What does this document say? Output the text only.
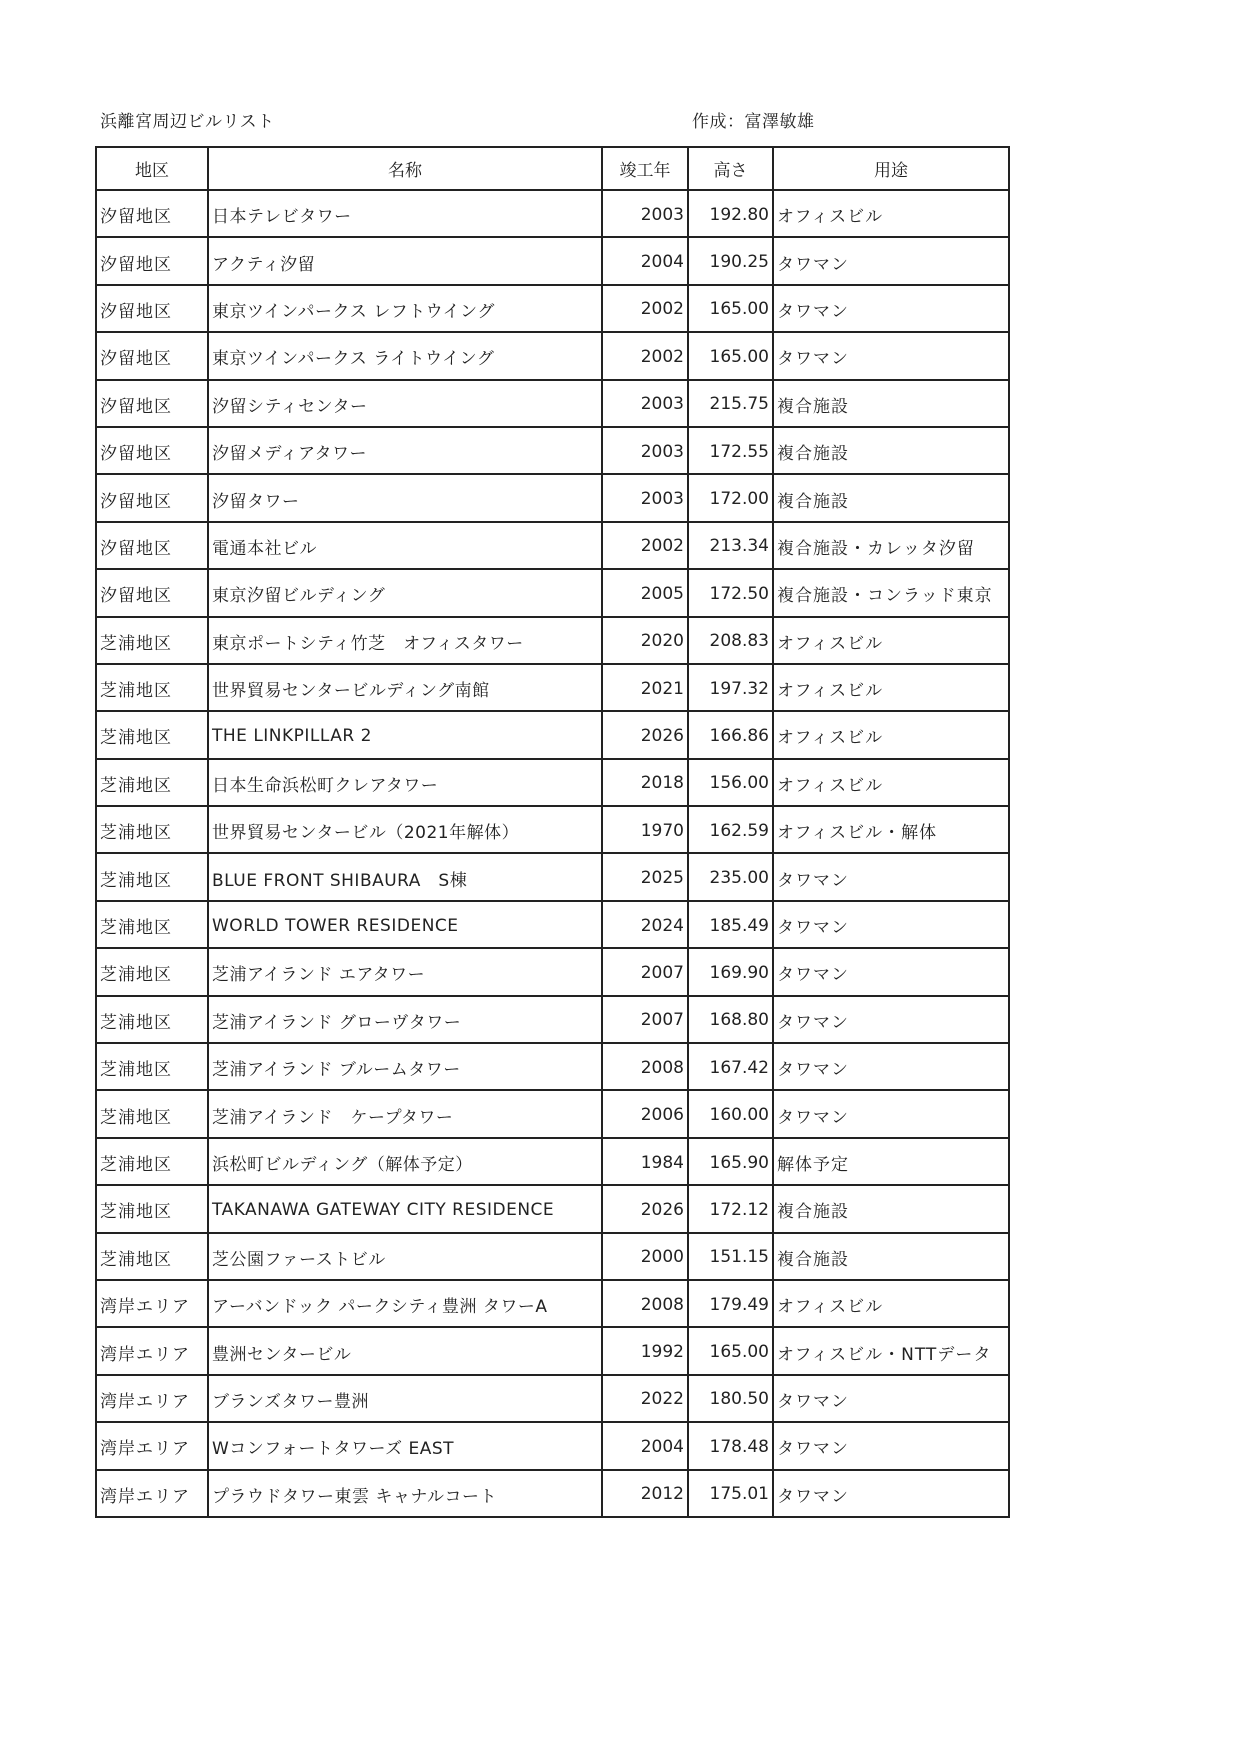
浜離宮周辺ビルリスト	作成：富澤敏雄
地区	名称	竣工年	高さ	用途
汐留地区	日本テレビタワー	2003	192.80	オフィスビル
汐留地区	アクティ汐留	2004	190.25	タワマン
汐留地区	東京ツインパークス レフトウイング	2002	165.00	タワマン
汐留地区	東京ツインパークス ライトウイング	2002	165.00	タワマン
汐留地区	汐留シティセンター	2003	215.75	複合施設
汐留地区	汐留メディアタワー	2003	172.55	複合施設
汐留地区	汐留タワー	2003	172.00	複合施設
汐留地区	電通本社ビル	2002	213.34	複合施設・カレッタ汐留
汐留地区	東京汐留ビルディング	2005	172.50	複合施設・コンラッド東京
芝浦地区	東京ポートシティ竹芝　オフィスタワー	2020	208.83	オフィスビル
芝浦地区	世界貿易センタービルディング南館	2021	197.32	オフィスビル
芝浦地区	THE LINKPILLAR 2	2026	166.86	オフィスビル
芝浦地区	日本生命浜松町クレアタワー	2018	156.00	オフィスビル
芝浦地区	世界貿易センタービル（2021年解体）	1970	162.59	オフィスビル・解体
芝浦地区	BLUE FRONT SHIBAURA　S棟	2025	235.00	タワマン
芝浦地区	WORLD TOWER RESIDENCE	2024	185.49	タワマン
芝浦地区	芝浦アイランド エアタワー	2007	169.90	タワマン
芝浦地区	芝浦アイランド グローヴタワー	2007	168.80	タワマン
芝浦地区	芝浦アイランド ブルームタワー	2008	167.42	タワマン
芝浦地区	芝浦アイランド　ケープタワー	2006	160.00	タワマン
芝浦地区	浜松町ビルディング（解体予定）	1984	165.90	解体予定
芝浦地区	TAKANAWA GATEWAY CITY RESIDENCE	2026	172.12	複合施設
芝浦地区	芝公園ファーストビル	2000	151.15	複合施設
湾岸エリア	アーバンドック パークシティ豊洲 タワーA	2008	179.49	オフィスビル
湾岸エリア	豊洲センタービル	1992	165.00	オフィスビル・NTTデータ
湾岸エリア	ブランズタワー豊洲	2022	180.50	タワマン
湾岸エリア	Wコンフォートタワーズ EAST	2004	178.48	タワマン
湾岸エリア	プラウドタワー東雲 キャナルコート	2012	175.01	タワマン
